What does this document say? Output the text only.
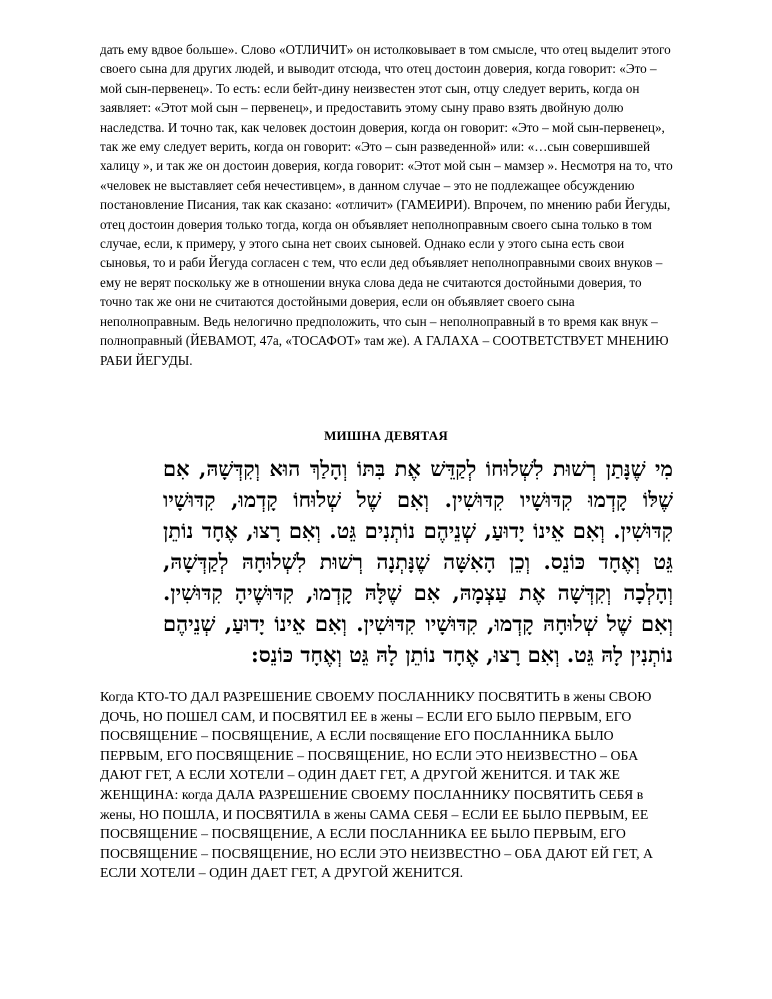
дать ему вдвое больше». Слово «ОТЛИЧИТ» он истолковывает в том смысле, что отец выделит этого своего сына для других людей, и выводит отсюда, что отец достоин доверия, когда говорит: «Это – мой сын-первенец». То есть: если бейт-дину неизвестен этот сын, отцу следует верить, когда он заявляет: «Этот мой сын – первенец», и предоставить этому сыну право взять двойную долю наследства. И точно так, как человек достоин доверия, когда он говорит: «Это – мой сын-первенец», так же ему следует верить, когда он говорит: «Это – сын разведенной» или: «…сын совершившей халицу », и так же он достоин доверия, когда говорит: «Этот мой сын – мамзер ». Несмотря на то, что «человек не выставляет себя нечестивцем», в данном случае – это не подлежащее обсуждению постановление Писания, так как сказано: «отличит» (ГАМЕИРИ). Впрочем, по мнению раби Йегуды, отец достоин доверия только тогда, когда он объявляет неполноправным своего сына только в том случае, если, к примеру, у этого сына нет своих сыновей. Однако если у этого сына есть свои сыновья, то и раби Йегуда согласен с тем, что если дед объявляет неполноправными своих внуков – ему не верят поскольку же в отношении внука слова деда не считаются достойными доверия, то точно так же они не считаются достойными доверия, если он объявляет своего сына неполноправным. Ведь нелогично предположить, что сын – неполноправный в то время как внук – полноправный (ЙЕВАМОТ, 47а, «ТОСАФОТ» там же). А ГАЛАХА – СООТВЕТСТВУЕТ МНЕНИЮ РАБИ ЙЕГУДЫ.
МИШНА ДЕВЯТАЯ
מִי שֶׁנָּתַן רְשׁוּת לִשְׁלוּחוֹ לְקַדֵּשׁ אֶת בִּתּוֹ וְהָלַךְ הוּא וְקִדְּשָׁהּ, אִם שֶׁלּוֹ קָדְמוּ קִדּוּשָׁיו קִדּוּשִׁין. וְאִם שֶׁל שְׁלוּחוֹ קָדְמוּ, קִדּוּשָׁיו קִדּוּשִׁין. וְאִם אֵינוֹ יָדוּעַ, שְׁנֵיהֶם נוֹתְנִים גֵּט. וְאִם רָצוּ, אֶחָד נוֹתֵן גֵּט וְאֶחָד כּוֹנֵס. וְכֵן הָאִשָּׁה שֶׁנָּתְנָה רְשׁוּת לִשְׁלוּחָהּ לְקַדְּשָׁהּ, וְהָלְכָה וְקִדְּשָׁה אֶת עַצְמָהּ, אִם שֶׁלָּהּ קָדְמוּ, קִדּוּשֶׁיהָ קִדּוּשִׁין. וְאִם שֶׁל שְׁלוּחָהּ קָדְמוּ, קִדּוּשָׁיו קִדּוּשִׁין. וְאִם אֵינוֹ יָדוּעַ, שְׁנֵיהֶם נוֹתְנִין לָהּ גֵּט. וְאִם רָצוּ, אֶחָד נוֹתֵן לָהּ גֵּט וְאֶחָד כּוֹנֵס:
Когда КТО-ТО ДАЛ РАЗРЕШЕНИЕ СВОЕМУ ПОСЛАННИКУ ПОСВЯТИТЬ в жены СВОЮ ДОЧЬ, НО ПОШЕЛ САМ, И ПОСВЯТИЛ ЕЕ в жены – ЕСЛИ ЕГО БЫЛО ПЕРВЫМ, ЕГО ПОСВЯЩЕНИЕ – ПОСВЯЩЕНИЕ, А ЕСЛИ посвящение ЕГО ПОСЛАННИКА БЫЛО ПЕРВЫМ, ЕГО ПОСВЯЩЕНИЕ – ПОСВЯЩЕНИЕ, НО ЕСЛИ ЭТО НЕИЗВЕСТНО – ОБА ДАЮТ ГЕТ, А ЕСЛИ ХОТЕЛИ – ОДИН ДАЕТ ГЕТ, А ДРУГОЙ ЖЕНИТСЯ. И ТАК ЖЕ ЖЕНЩИНА: когда ДАЛА РАЗРЕШЕНИЕ СВОЕМУ ПОСЛАННИКУ ПОСВЯТИТЬ СЕБЯ в жены, НО ПОШЛА, И ПОСВЯТИЛА в жены САМА СЕБЯ – ЕСЛИ ЕЕ БЫЛО ПЕРВЫМ, ЕЕ ПОСВЯЩЕНИЕ – ПОСВЯЩЕНИЕ, А ЕСЛИ ПОСЛАННИКА ЕЕ БЫЛО ПЕРВЫМ, ЕГО ПОСВЯЩЕНИЕ – ПОСВЯЩЕНИЕ, НО ЕСЛИ ЭТО НЕИЗВЕСТНО – ОБА ДАЮТ ЕЙ ГЕТ, А ЕСЛИ ХОТЕЛИ – ОДИН ДАЕТ ГЕТ, А ДРУГОЙ ЖЕНИТСЯ.
